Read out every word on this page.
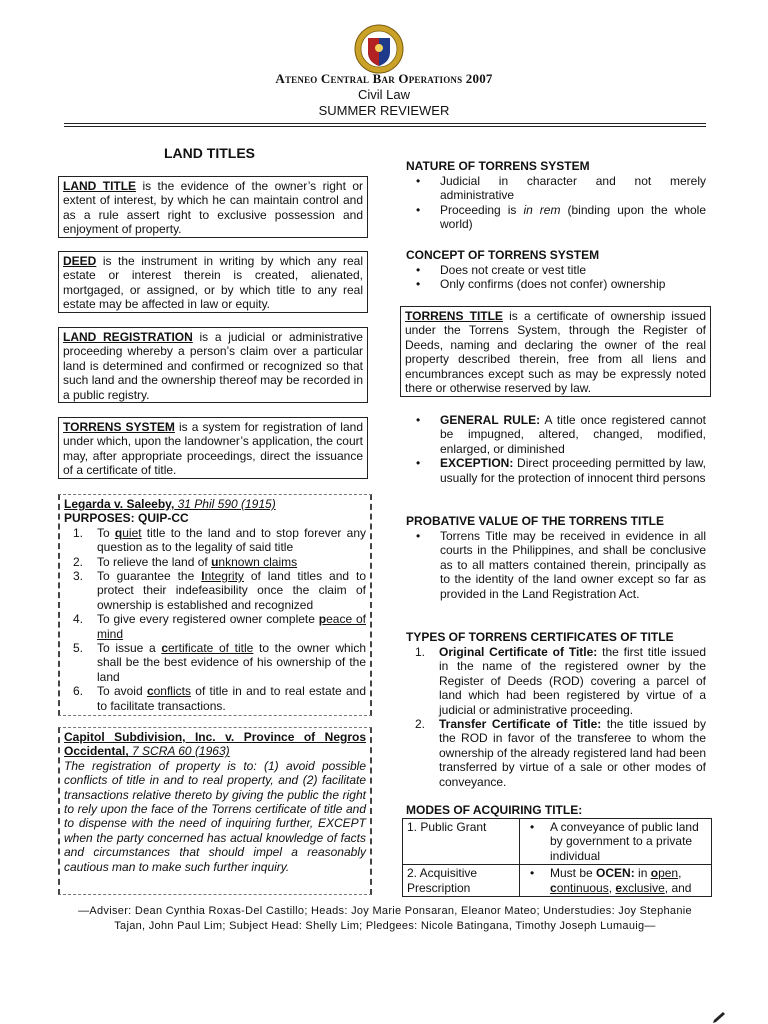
Ateneo Central Bar Operations 2007
Civil Law
SUMMER REVIEWER
LAND TITLES
LAND TITLE is the evidence of the owner’s right or extent of interest, by which he can maintain control and as a rule assert right to exclusive possession and enjoyment of property.
DEED is the instrument in writing by which any real estate or interest therein is created, alienated, mortgaged, or assigned, or by which title to any real estate may be affected in law or equity.
LAND REGISTRATION is a judicial or administrative proceeding whereby a person’s claim over a particular land is determined and confirmed or recognized so that such land and the ownership thereof may be recorded in a public registry.
TORRENS SYSTEM is a system for registration of land under which, upon the landowner’s application, the court may, after appropriate proceedings, direct the issuance of a certificate of title.
Legarda v. Saleeby, 31 Phil 590 (1915)
PURPOSES: QUIP-CC
1. To quiet title to the land and to stop forever any question as to the legality of said title
2. To relieve the land of unknown claims
3. To guarantee the Integrity of land titles and to protect their indefeasibility once the claim of ownership is established and recognized
4. To give every registered owner complete peace of mind
5. To issue a certificate of title to the owner which shall be the best evidence of his ownership of the land
6. To avoid conflicts of title in and to real estate and to facilitate transactions.
Capitol Subdivision, Inc. v. Province of Negros Occidental, 7 SCRA 60 (1963)
The registration of property is to: (1) avoid possible conflicts of title in and to real property, and (2) facilitate transactions relative thereto by giving the public the right to rely upon the face of the Torrens certificate of title and to dispense with the need of inquiring further, EXCEPT when the party concerned has actual knowledge of facts and circumstances that should impel a reasonably cautious man to make such further inquiry.
NATURE OF TORRENS SYSTEM
• Judicial in character and not merely administrative
• Proceeding is in rem (binding upon the whole world)
CONCEPT OF TORRENS SYSTEM
• Does not create or vest title
• Only confirms (does not confer) ownership
TORRENS TITLE is a certificate of ownership issued under the Torrens System, through the Register of Deeds, naming and declaring the owner of the real property described therein, free from all liens and encumbrances except such as may be expressly noted there or otherwise reserved by law.
• GENERAL RULE: A title once registered cannot be impugned, altered, changed, modified, enlarged, or diminished
• EXCEPTION: Direct proceeding permitted by law, usually for the protection of innocent third persons
PROBATIVE VALUE OF THE TORRENS TITLE
• Torrens Title may be received in evidence in all courts in the Philippines, and shall be conclusive as to all matters contained therein, principally as to the identity of the land owner except so far as provided in the Land Registration Act.
TYPES OF TORRENS CERTIFICATES OF TITLE
1. Original Certificate of Title: the first title issued in the name of the registered owner by the Register of Deeds (ROD) covering a parcel of land which had been registered by virtue of a judicial or administrative proceeding.
2. Transfer Certificate of Title: the title issued by the ROD in favor of the transferee to whom the ownership of the already registered land had been transferred by virtue of a sale or other modes of conveyance.
MODES OF ACQUIRING TITLE:
1. Public Grant	• A conveyance of public land by government to a private individual
2. Acquisitive Prescription	• Must be OCEN: in open, continuous, exclusive, and
—Adviser: Dean Cynthia Roxas-Del Castillo; Heads: Joy Marie Ponsaran, Eleanor Mateo; Understudies: Joy Stephanie
Tajan, John Paul Lim; Subject Head: Shelly Lim; Pledgees: Nicole Batingana, Timothy Joseph Lumauig—
